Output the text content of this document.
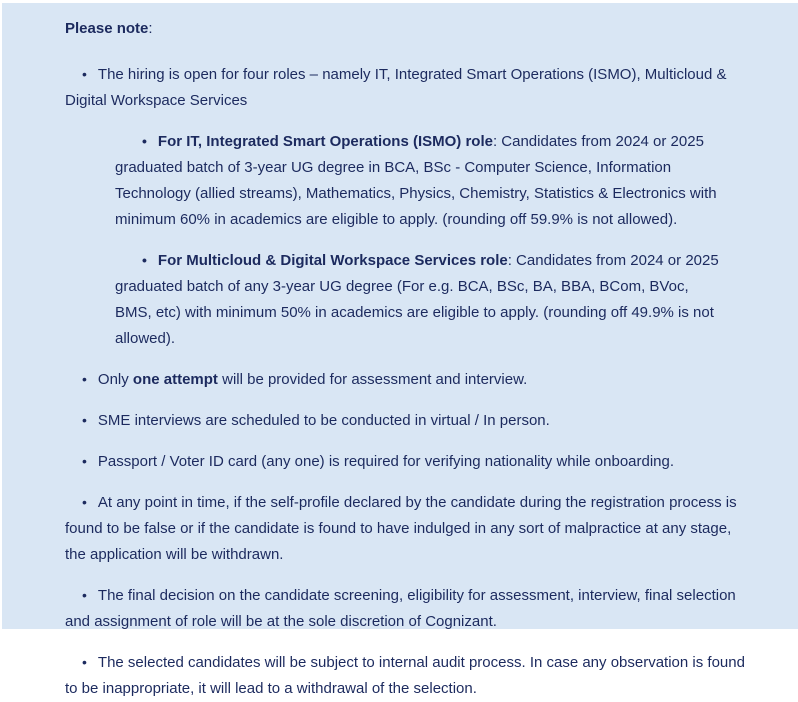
Please note:

• The hiring is open for four roles – namely IT, Integrated Smart Operations (ISMO), Multicloud & Digital Workspace Services

• For IT, Integrated Smart Operations (ISMO) role: Candidates from 2024 or 2025 graduated batch of 3-year UG degree in BCA, BSc - Computer Science, Information Technology (allied streams), Mathematics, Physics, Chemistry, Statistics & Electronics with minimum 60% in academics are eligible to apply. (rounding off 59.9% is not allowed).

• For Multicloud & Digital Workspace Services role: Candidates from 2024 or 2025 graduated batch of any 3-year UG degree (For e.g. BCA, BSc, BA, BBA, BCom, BVoc, BMS, etc) with minimum 50% in academics are eligible to apply. (rounding off 49.9% is not allowed).

• Only one attempt will be provided for assessment and interview.

• SME interviews are scheduled to be conducted in virtual / In person.

• Passport / Voter ID card (any one) is required for verifying nationality while onboarding.

• At any point in time, if the self-profile declared by the candidate during the registration process is found to be false or if the candidate is found to have indulged in any sort of malpractice at any stage, the application will be withdrawn.

• The final decision on the candidate screening, eligibility for assessment, interview, final selection and assignment of role will be at the sole discretion of Cognizant.

• The selected candidates will be subject to internal audit process. In case any observation is found to be inappropriate, it will lead to a withdrawal of the selection.
